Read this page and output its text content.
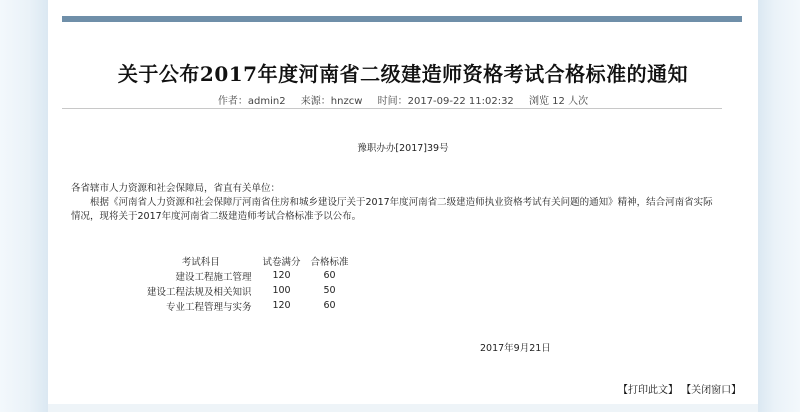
关于公布2017年度河南省二级建造师资格考试合格标准的通知
作者：admin2 来源：hnzcw 时间：2017-09-22 11:02:32 浏览 12 人次
豫职办办[2017]39号

各省辖市人力资源和社会保障局，省直有关单位：

根据《河南省人力资源和社会保障厅河南省住房和城乡建设厅关于2017年度河南省二级建造师执业资格考试有关问题的通知》精神，结合河南省实际情况，现将关于2017年度河南省二级建造师考试合格标准予以公布。

考试科目	试卷满分	合格标准
建设工程施工管理	120	60
建设工程法规及相关知识	100	50
专业工程管理与实务	120	60
2017年9月21日
【打印此文】 【关闭窗口】
